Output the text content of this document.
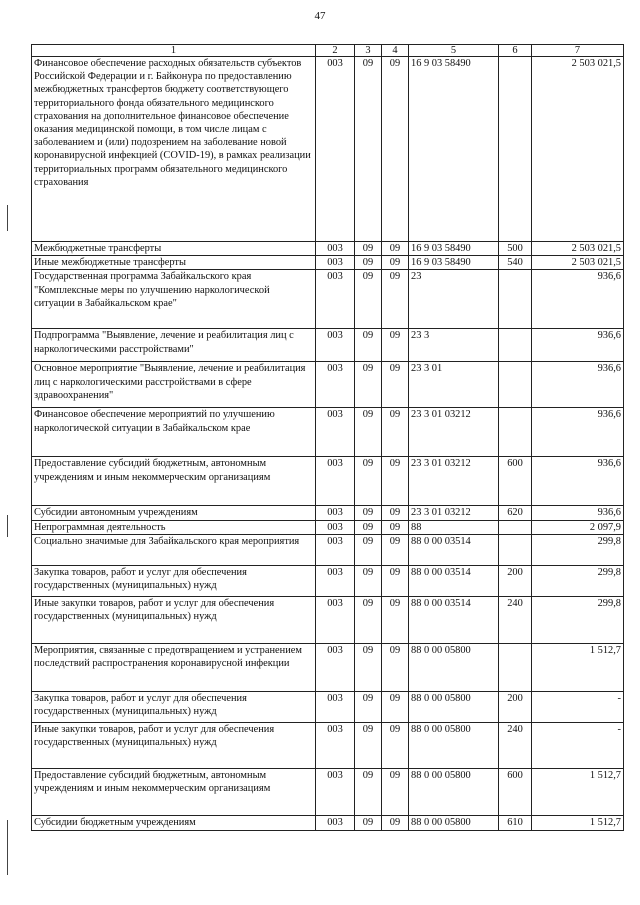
47
1	2	3	4	5	6	7
Финансовое обеспечение расходных обязательств субъектов Российской Федерации и г. Байконура по предоставлению межбюджетных трансфертов бюджету соответствующего территориального фонда обязательного медицинского страхования на дополнительное финансовое обеспечение оказания медицинской помощи, в том числе лицам с заболеванием и (или) подозрением на заболевание новой коронавирусной инфекцией (COVID-19), в рамках реализации территориальных программ обязательного медицинского страхования	003	09	09	16 9 03 58490		2 503 021,5
Межбюджетные трансферты	003	09	09	16 9 03 58490	500	2 503 021,5
Иные межбюджетные трансферты	003	09	09	16 9 03 58490	540	2 503 021,5
Государственная программа Забайкальского края "Комплексные меры по улучшению наркологической ситуации в Забайкальском крае"	003	09	09	23		936,6
Подпрограмма "Выявление, лечение и реабилитация лиц с наркологическими расстройствами"	003	09	09	23 3		936,6
Основное мероприятие "Выявление, лечение и реабилитация лиц с наркологическими расстройствами в сфере здравоохранения"	003	09	09	23 3 01		936,6
Финансовое обеспечение мероприятий по улучшению наркологической ситуации в Забайкальском крае	003	09	09	23 3 01 03212		936,6
Предоставление субсидий бюджетным, автономным учреждениям и иным некоммерческим организациям	003	09	09	23 3 01 03212	600	936,6
Субсидии автономным учреждениям	003	09	09	23 3 01 03212	620	936,6
Непрограммная деятельность	003	09	09	88		2 097,9
Социально значимые для Забайкальского края мероприятия	003	09	09	88 0 00 03514		299,8
Закупка товаров, работ и услуг для обеспечения государственных (муниципальных) нужд	003	09	09	88 0 00 03514	200	299,8
Иные закупки товаров, работ и услуг для обеспечения государственных (муниципальных) нужд	003	09	09	88 0 00 03514	240	299,8
Мероприятия, связанные с предотвращением и устранением последствий распространения коронавирусной инфекции	003	09	09	88 0 00 05800		1 512,7
Закупка товаров, работ и услуг для обеспечения государственных (муниципальных) нужд	003	09	09	88 0 00 05800	200	-
Иные закупки товаров, работ и услуг для обеспечения государственных (муниципальных) нужд	003	09	09	88 0 00 05800	240	-
Предоставление субсидий бюджетным, автономным учреждениям и иным некоммерческим организациям	003	09	09	88 0 00 05800	600	1 512,7
Субсидии бюджетным учреждениям	003	09	09	88 0 00 05800	610	1 512,7
